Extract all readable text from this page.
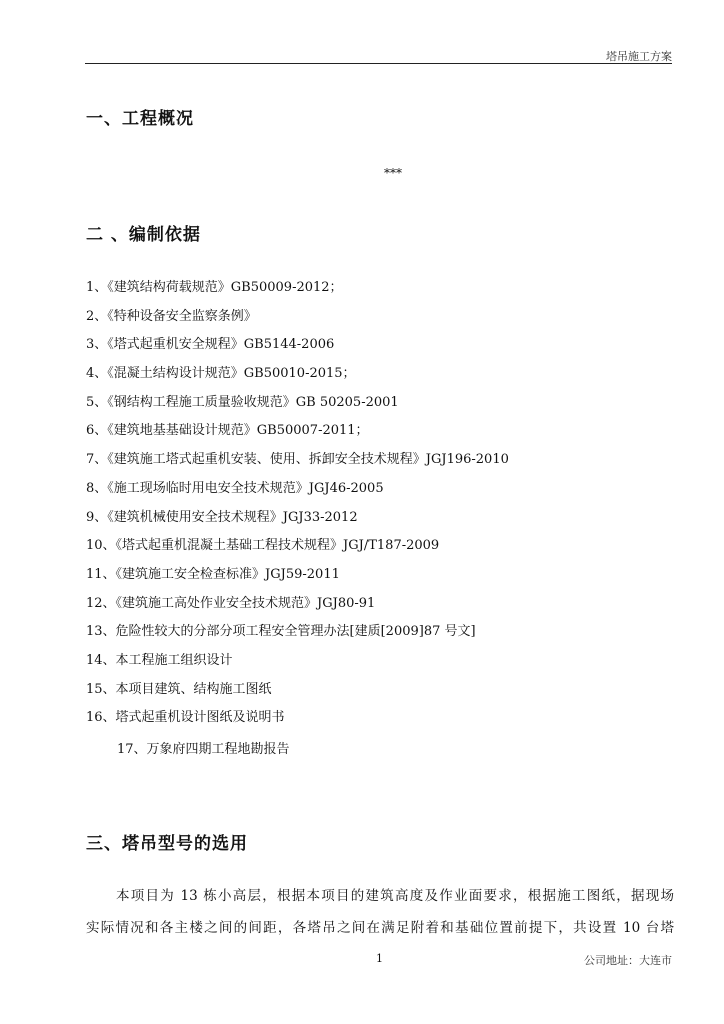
塔吊施工方案
一、工程概况
***
二 、编制依据
1、《建筑结构荷载规范》GB50009-2012；
2、《特种设备安全监察条例》
3、《塔式起重机安全规程》GB5144-2006
4、《混凝土结构设计规范》GB50010-2015；
5、《钢结构工程施工质量验收规范》GB 50205-2001
6、《建筑地基基础设计规范》GB50007-2011；
7、《建筑施工塔式起重机安装、使用、拆卸安全技术规程》JGJ196-2010
8、《施工现场临时用电安全技术规范》JGJ46-2005
9、《建筑机械使用安全技术规程》JGJ33-2012
10、《塔式起重机混凝土基础工程技术规程》JGJ/T187-2009
11、《建筑施工安全检查标准》JGJ59-2011
12、《建筑施工高处作业安全技术规范》JGJ80-91
13、危险性较大的分部分项工程安全管理办法[建质[2009]87 号文]
14、本工程施工组织设计
15、本项目建筑、结构施工图纸
16、塔式起重机设计图纸及说明书
17、万象府四期工程地勘报告
三、塔吊型号的选用

本项目为 13 栋小高层，根据本项目的建筑高度及作业面要求，根据施工图纸，据现场

实际情况和各主楼之间的间距，各塔吊之间在满足附着和基础位置前提下，共设置 10 台塔

1	公司地址：大连市
